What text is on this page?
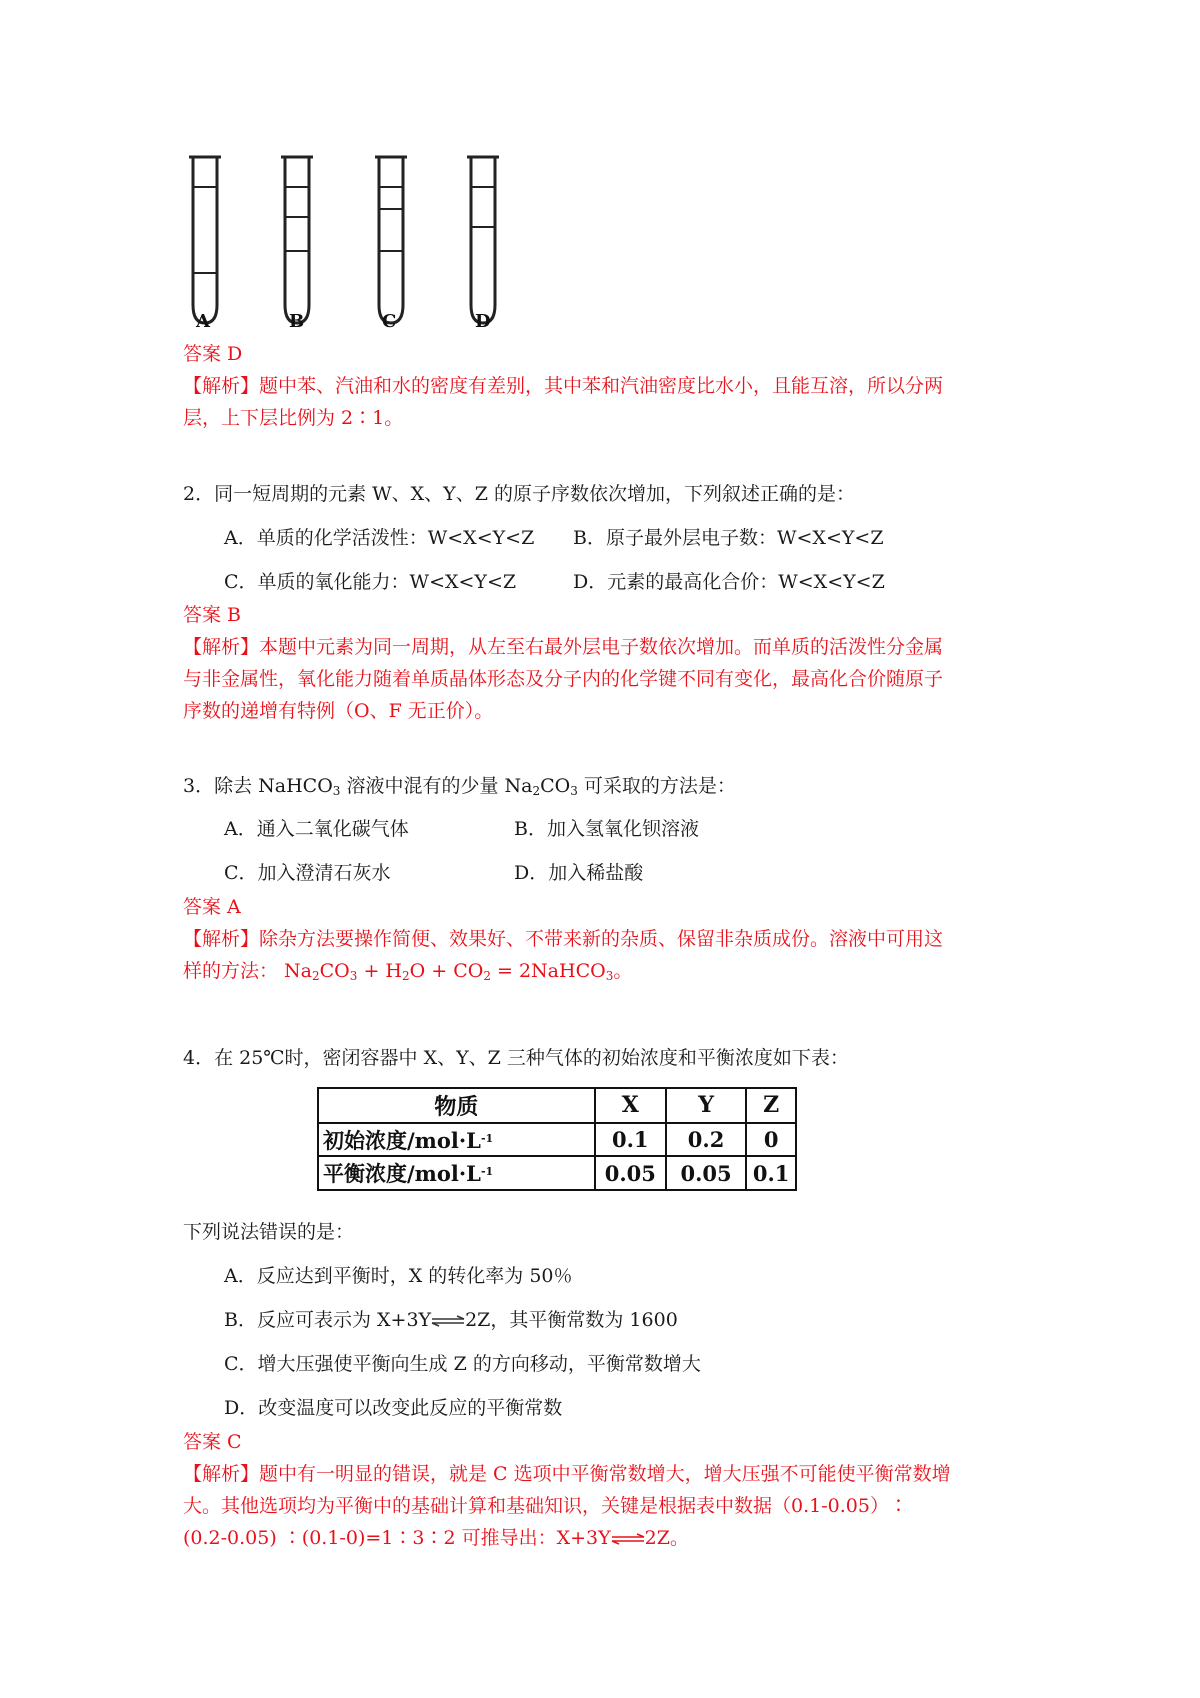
A	B	C	D
答案 D
【解析】题中苯、汽油和水的密度有差别，其中苯和汽油密度比水小，且能互溶，所以分两
层，上下层比例为 2∶1。
2．同一短周期的元素 W、X、Y、Z 的原子序数依次增加，下列叙述正确的是：
A．单质的化学活泼性：W<X<Y<Z B．原子最外层电子数：W<X<Y<Z
C．单质的氧化能力：W<X<Y<Z	D．元素的最高化合价：W<X<Y<Z
答案 B
【解析】本题中元素为同一周期，从左至右最外层电子数依次增加。而单质的活泼性分金属
与非金属性，氧化能力随着单质晶体形态及分子内的化学键不同有变化，最高化合价随原子
序数的递增有特例（O、F 无正价）。
3．除去 NaHCO$_3$ 溶液中混有的少量 $Na_2CO_3$ 可采取的方法是：
A．通入二氧化碳气体	B．加入氢氧化钡溶液
C．加入澄清石灰水	D．加入稀盐酸
答案 A
【解析】除杂方法要操作简便、效果好、不带来新的杂质、保留非杂质成份。溶液中可用这
样的方法： $Na_2CO_3 + H_2O + CO_2$ = 2NaHCO$_3$。
4．在 25℃时，密闭容器中 X、Y、Z 三种气体的初始浓度和平衡浓度如下表：
物质	X	Y	Z
初始浓度$/mol\cdot L^{-1}$	0.1	0.2	0
平衡浓度$/mol\cdot L^{-1}$	0.05	0.05	0.1
下列说法错误的是：
A．反应达到平衡时，X 的转化率为 50％
B．反应可表示为 X+3Y⇌2Z，其平衡常数为 1600
C．增大压强使平衡向生成 Z 的方向移动，平衡常数增大
D．改变温度可以改变此反应的平衡常数
答案 C
【解析】题中有一明显的错误，就是 C 选项中平衡常数增大，增大压强不可能使平衡常数增
大。其他选项均为平衡中的基础计算和基础知识，关键是根据表中数据（0.1-0.05）∶
(0.2-0.05) ∶(0.1-0)=1∶3∶2 可推导出：X+3Y⇌2Z。
